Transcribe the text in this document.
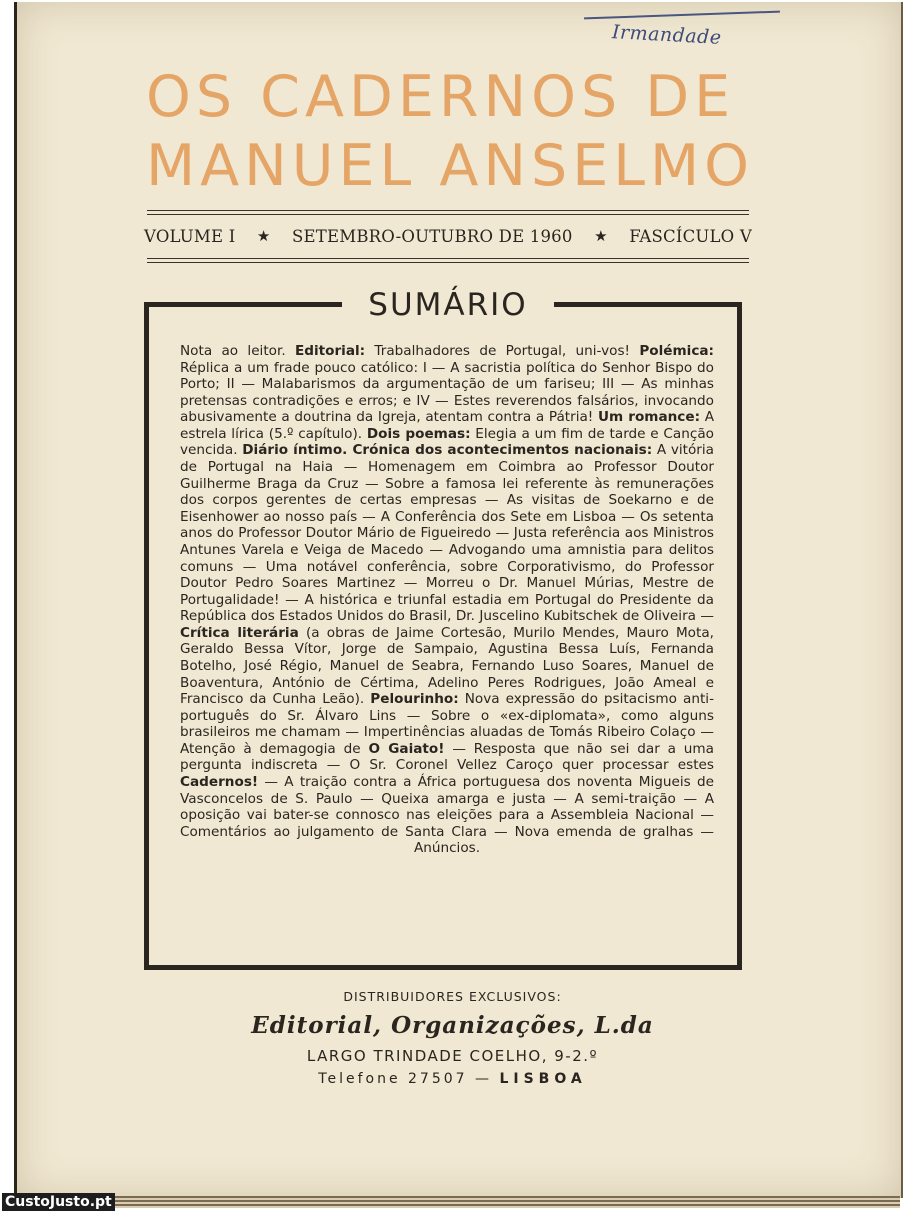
Irmandade
OS CADERNOS DE
MANUEL ANSELMO
VOLUME I ★ SETEMBRO-OUTUBRO DE 1960 ★ FASCÍCULO V
SUMÁRIO
Nota ao leitor. Editorial: Trabalhadores de Portugal, uni-vos! Polémica: Réplica a um frade pouco católico: I — A sacristia política do Senhor Bispo do Porto; II — Malabarismos da argumentação de um fariseu; III — As minhas pretensas contradições e erros; e IV — Estes reverendos falsários, invocando abusivamente a doutrina da Igreja, atentam contra a Pátria! Um romance: A estrela lírica (5.º capítulo). Dois poemas: Elegia a um fim de tarde e Canção vencida. Diário íntimo. Crónica dos acontecimentos nacionais: A vitória de Portugal na Haia — Homenagem em Coimbra ao Professor Doutor Guilherme Braga da Cruz — Sobre a famosa lei referente às remunerações dos corpos gerentes de certas empresas — As visitas de Soekarno e de Eisenhower ao nosso país — A Conferência dos Sete em Lisboa — Os setenta anos do Professor Doutor Mário de Figueiredo — Justa referência aos Ministros Antunes Varela e Veiga de Macedo — Advogando uma amnistia para delitos comuns — Uma notável conferência, sobre Corporativismo, do Professor Doutor Pedro Soares Martinez — Morreu o Dr. Manuel Múrias, Mestre de Portugalidade! — A histórica e triunfal estadia em Portugal do Presidente da República dos Estados Unidos do Brasil, Dr. Juscelino Kubitschek de Oliveira — Crítica literária (a obras de Jaime Cortesão, Murilo Mendes, Mauro Mota, Geraldo Bessa Vítor, Jorge de Sampaio, Agustina Bessa Luís, Fernanda Botelho, José Régio, Manuel de Seabra, Fernando Luso Soares, Manuel de Boaventura, António de Cértima, Adelino Peres Rodrigues, João Ameal e Francisco da Cunha Leão). Pelourinho: Nova expressão do psitacismo anti-português do Sr. Álvaro Lins — Sobre o «ex-diplomata», como alguns brasileiros me chamam — Impertinências aluadas de Tomás Ribeiro Colaço — Atenção à demagogia de O Gaiato! — Resposta que não sei dar a uma pergunta indiscreta — O Sr. Coronel Vellez Caroço quer processar estes Cadernos! — A traição contra a África portuguesa dos noventa Migueis de Vasconcelos de S. Paulo — Queixa amarga e justa — A semi-traição — A oposição vai bater-se connosco nas eleições para a Assembleia Nacional — Comentários ao julgamento de Santa Clara — Nova emenda de gralhas — Anúncios.
DISTRIBUIDORES EXCLUSIVOS:
Editorial, Organizações, L.da
LARGO TRINDADE COELHO, 9-2.º
Telefone 27507 — LISBOA
CustoJusto.pt
